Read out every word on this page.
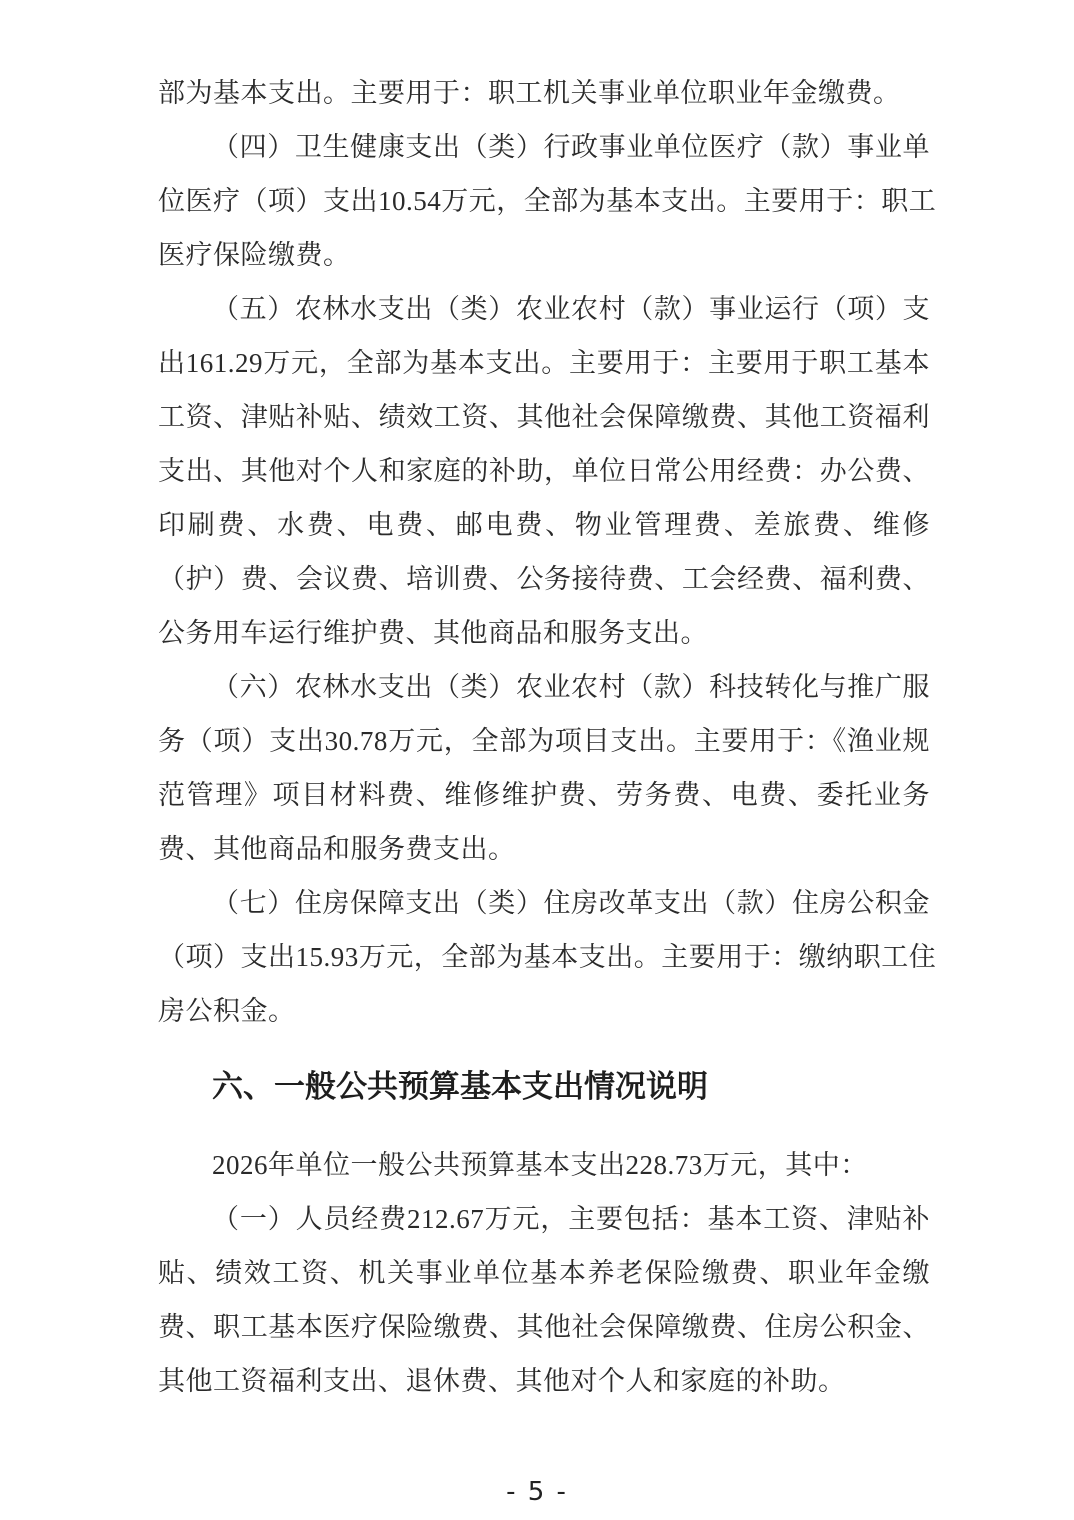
部为基本支出。主要用于：职工机关事业单位职业年金缴费。
（四）卫生健康支出（类）行政事业单位医疗（款）事业单
位医疗（项）支出10.54万元，全部为基本支出。主要用于：职工
医疗保险缴费。
（五）农林水支出（类）农业农村（款）事业运行（项）支
出161.29万元，全部为基本支出。主要用于：主要用于职工基本
工资、津贴补贴、绩效工资、其他社会保障缴费、其他工资福利
支出、其他对个人和家庭的补助，单位日常公用经费：办公费、
印刷费、水费、电费、邮电费、物业管理费、差旅费、维修
（护）费、会议费、培训费、公务接待费、工会经费、福利费、
公务用车运行维护费、其他商品和服务支出。
（六）农林水支出（类）农业农村（款）科技转化与推广服
务（项）支出30.78万元，全部为项目支出。主要用于：《渔业规
范管理》项目材料费、维修维护费、劳务费、电费、委托业务
费、其他商品和服务费支出。
（七）住房保障支出（类）住房改革支出（款）住房公积金
（项）支出15.93万元，全部为基本支出。主要用于：缴纳职工住
房公积金。
六、一般公共预算基本支出情况说明
2026年单位一般公共预算基本支出228.73万元，其中：
（一）人员经费212.67万元，主要包括：基本工资、津贴补
贴、绩效工资、机关事业单位基本养老保险缴费、职业年金缴
费、职工基本医疗保险缴费、其他社会保障缴费、住房公积金、
其他工资福利支出、退休费、其他对个人和家庭的补助。
- 5 -
